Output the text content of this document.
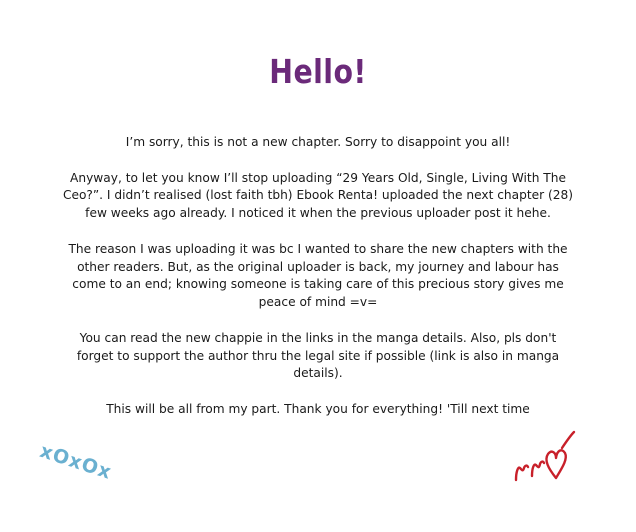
Hello!

I’m sorry, this is not a new chapter. Sorry to disappoint you all!

Anyway, to let you know I’ll stop uploading “29 Years Old, Single, Living With The Ceo?”. I didn’t realised (lost faith tbh) Ebook Renta! uploaded the next chapter (28) few weeks ago already. I noticed it when the previous uploader post it hehe.

The reason I was uploading it was bc I wanted to share the new chapters with the other readers. But, as the original uploader is back, my journey and labour has come to an end; knowing someone is taking care of this precious story gives me peace of mind =v=

You can read the new chappie in the links in the manga details. Also, pls don't forget to support the author thru the legal site if possible (link is also in manga details).

This will be all from my part. Thank you for everything! 'Till next time

xOxOx
